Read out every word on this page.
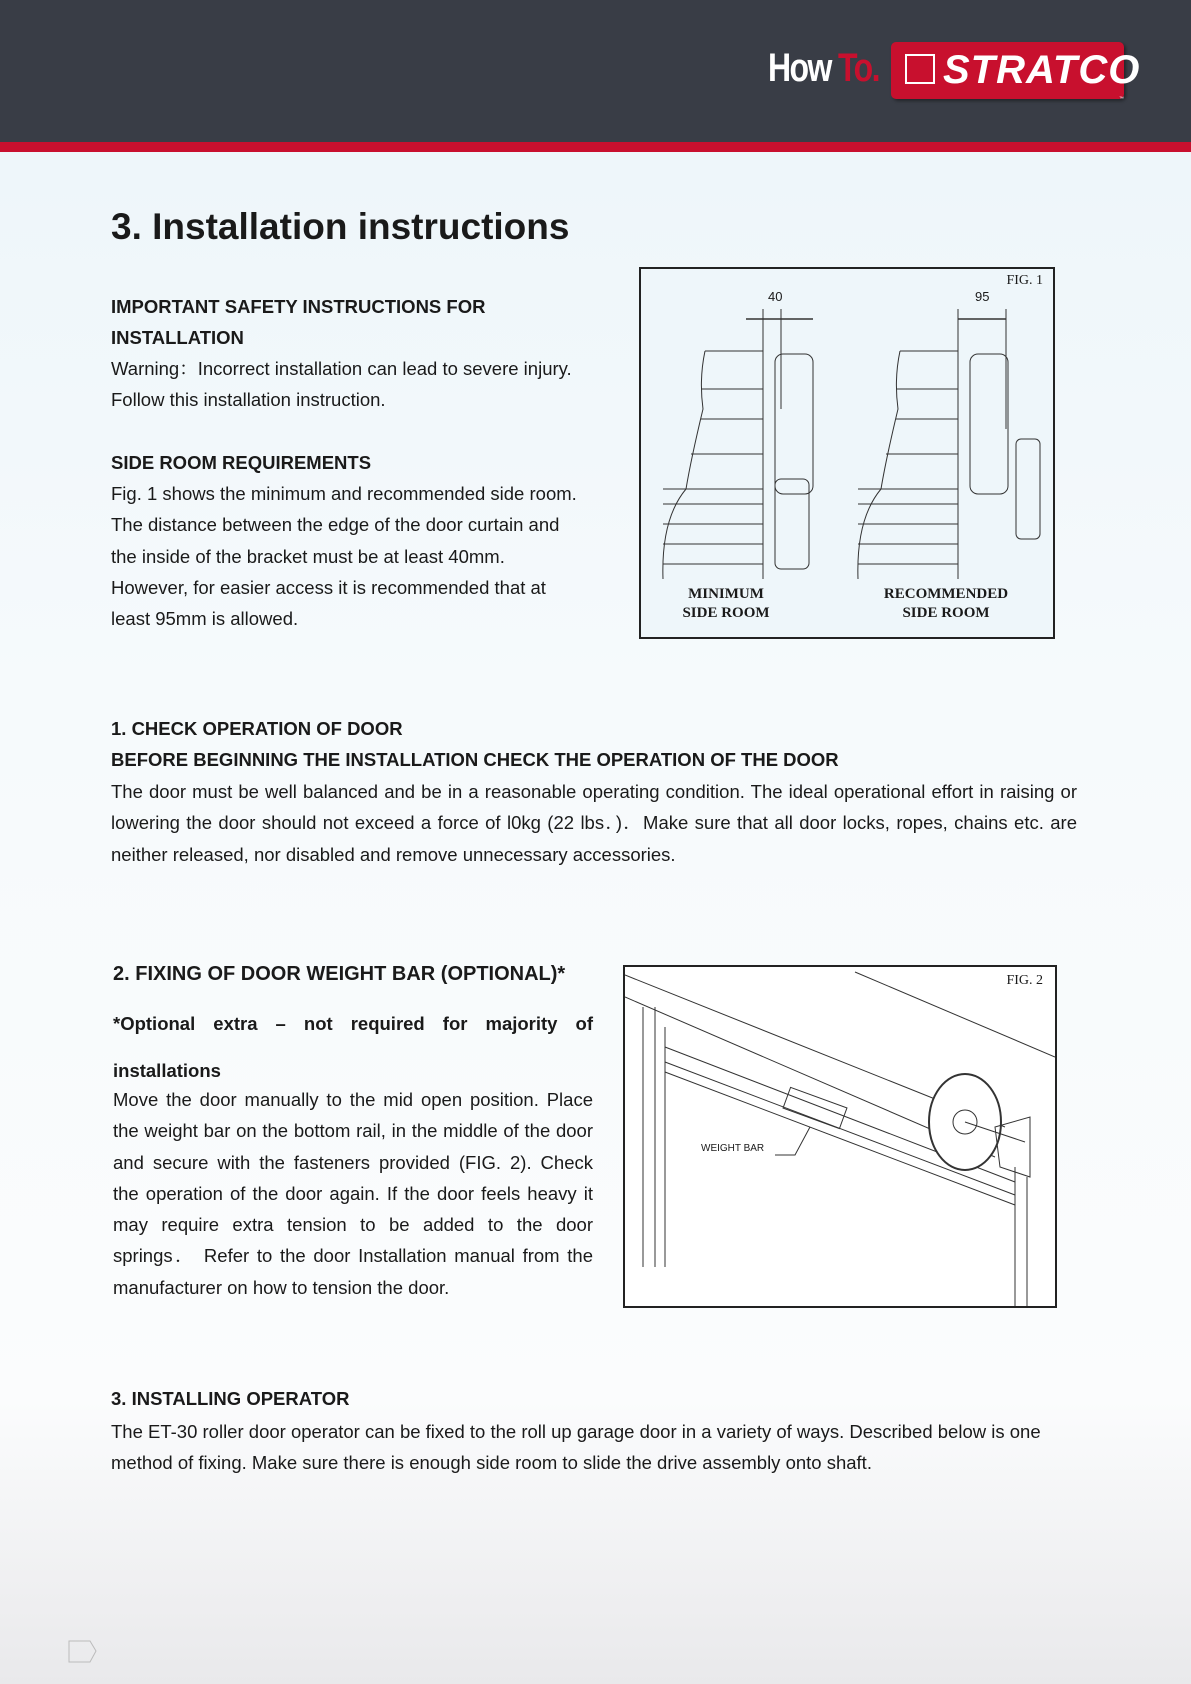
How To. STRATCO
™
3. Installation instructions
IMPORTANT SAFETY INSTRUCTIONS FOR INSTALLATION
Warning：Incorrect installation can lead to severe injury. Follow this installation instruction.
SIDE ROOM REQUIREMENTS
Fig. 1 shows the minimum and recommended side room. The distance between the edge of the door curtain and the inside of the bracket must be at least 40mm. However, for easier access it is recommended that at least 95mm is allowed.
FIG. 1
40	95
MINIMUM
SIDE ROOM
RECOMMENDED
SIDE ROOM
1. CHECK OPERATION OF DOOR
BEFORE BEGINNING THE INSTALLATION CHECK THE OPERATION OF THE DOOR
The door must be well balanced and be in a reasonable operating condition. The ideal operational effort in raising or lowering the door should not exceed a force of l0kg (22 lbs．)．Make sure that all door locks, ropes, chains etc. are neither released, nor disabled and remove unnecessary accessories.
2. FIXING OF DOOR WEIGHT BAR (OPTIONAL)*
*Optional extra – not required for majority of installations
Move the door manually to the mid open position. Place the weight bar on the bottom rail, in the middle of the door and secure with the fasteners provided (FIG. 2). Check the operation of the door again. If the door feels heavy it may require extra tension to be added to the door springs． Refer to the door Installation manual from the manufacturer on how to tension the door.
FIG. 2
WEIGHT BAR
3. INSTALLING OPERATOR
The ET-30 roller door operator can be fixed to the roll up garage door in a variety of ways. Described below is one method of fixing. Make sure there is enough side room to slide the drive assembly onto shaft.
